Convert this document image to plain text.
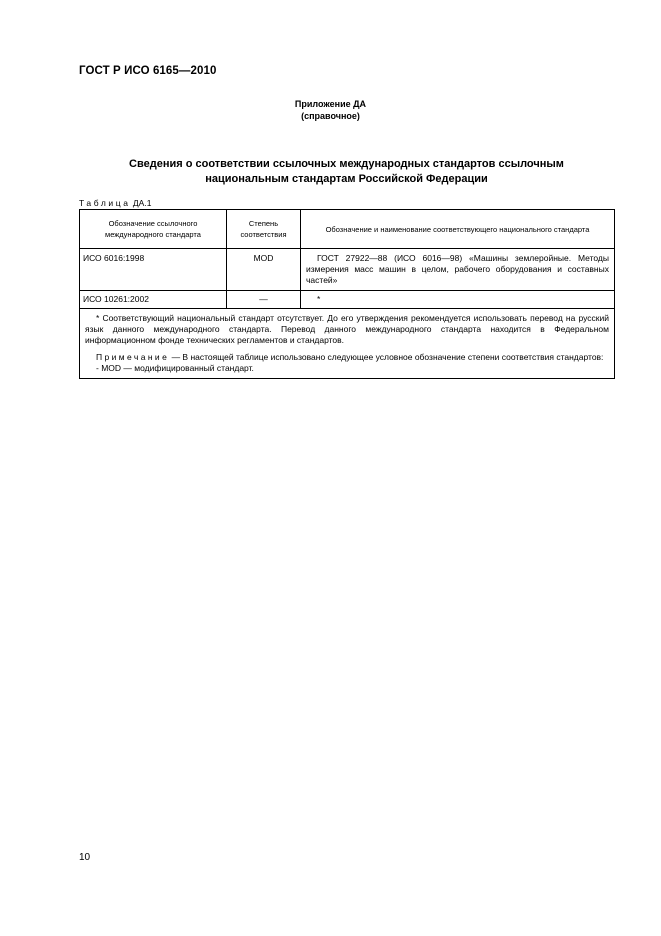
ГОСТ Р ИСО 6165—2010
Приложение ДА
(справочное)
Сведения о соответствии ссылочных международных стандартов ссылочным
национальным стандартам Российской Федерации
Таблица ДА.1
Обозначение ссылочного международного стандарта	Степень соответствия	Обозначение и наименование соответствующего национального стандарта
ИСО 6016:1998	MOD	ГОСТ 27922—88 (ИСО 6016—98) «Машины землеройные. Методы измерения масс машин в целом, рабочего оборудования и составных частей»
ИСО 10261:2002	—	*

* Соответствующий национальный стандарт отсутствует. До его утверждения рекомендуется использовать перевод на русский язык данного международного стандарта. Перевод данного международного стандарта находится в Федеральном информационном фонде технических регламентов и стандартов.

Примечание — В настоящей таблице использовано следующее условное обозначение степени соответствия стандартов:

- MOD — модифицированный стандарт.		

10
